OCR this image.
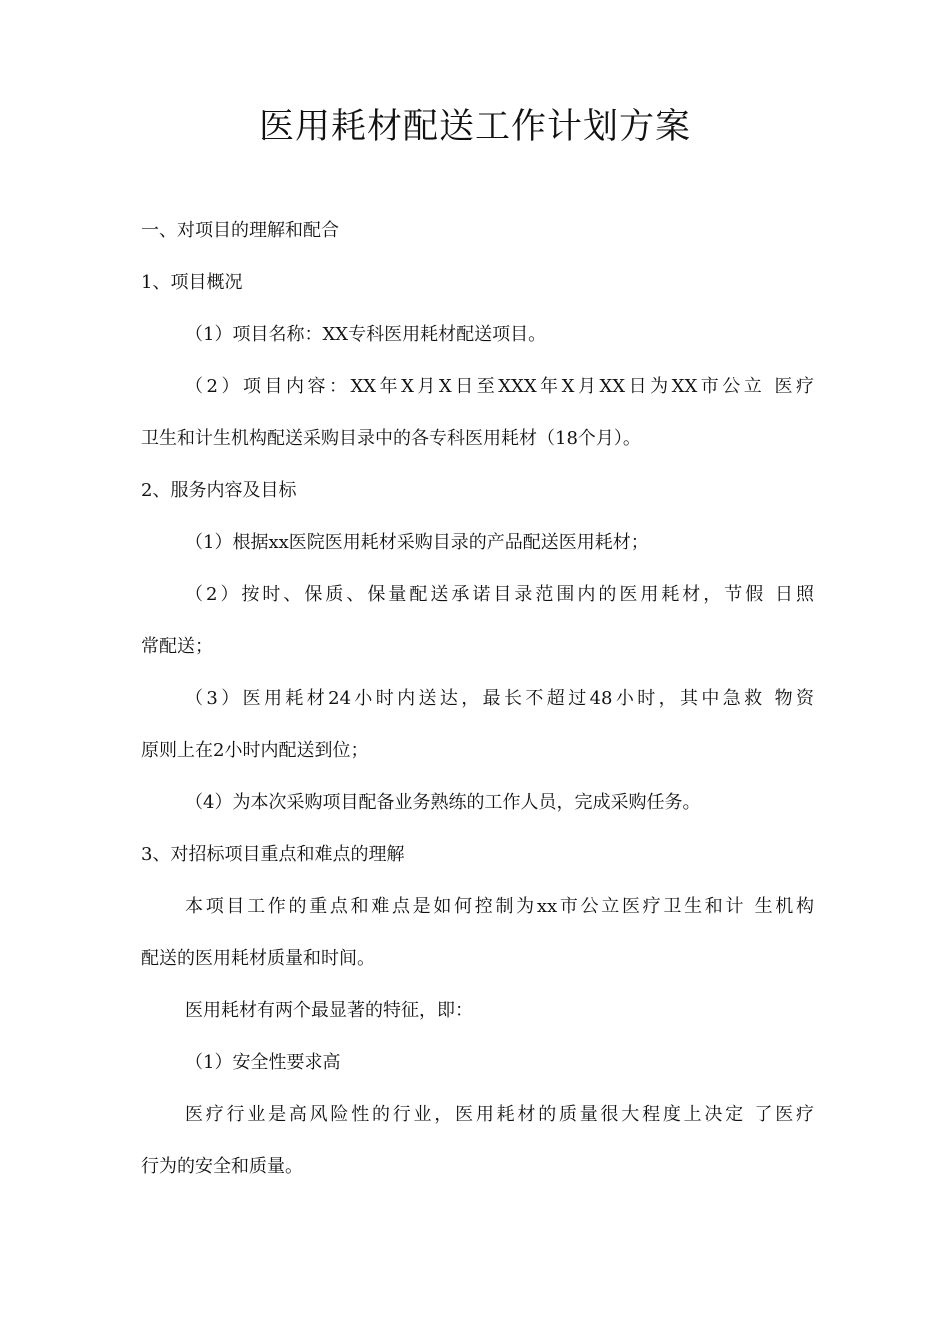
医用耗材配送工作计划方案

一、对项目的理解和配合

1、项目概况

（1）项目名称：XX专科医用耗材配送项目。

（2）项目内容：XX年X月X日至XXX年X月XX日为XX市公立 医疗

卫生和计生机构配送采购目录中的各专科医用耗材（18个月）。

2、服务内容及目标

（1）根据xx医院医用耗材采购目录的产品配送医用耗材；

（2）按时、保质、保量配送承诺目录范围内的医用耗材，节假 日照

常配送；

（3）医用耗材24小时内送达，最长不超过48小时，其中急救 物资

原则上在2小时内配送到位；

（4）为本次采购项目配备业务熟练的工作人员，完成采购任务。

3、对招标项目重点和难点的理解

本项目工作的重点和难点是如何控制为xx市公立医疗卫生和计 生机构

配送的医用耗材质量和时间。

医用耗材有两个最显著的特征，即：

（1）安全性要求高

医疗行业是高风险性的行业，医用耗材的质量很大程度上决定 了医疗

行为的安全和质量。
